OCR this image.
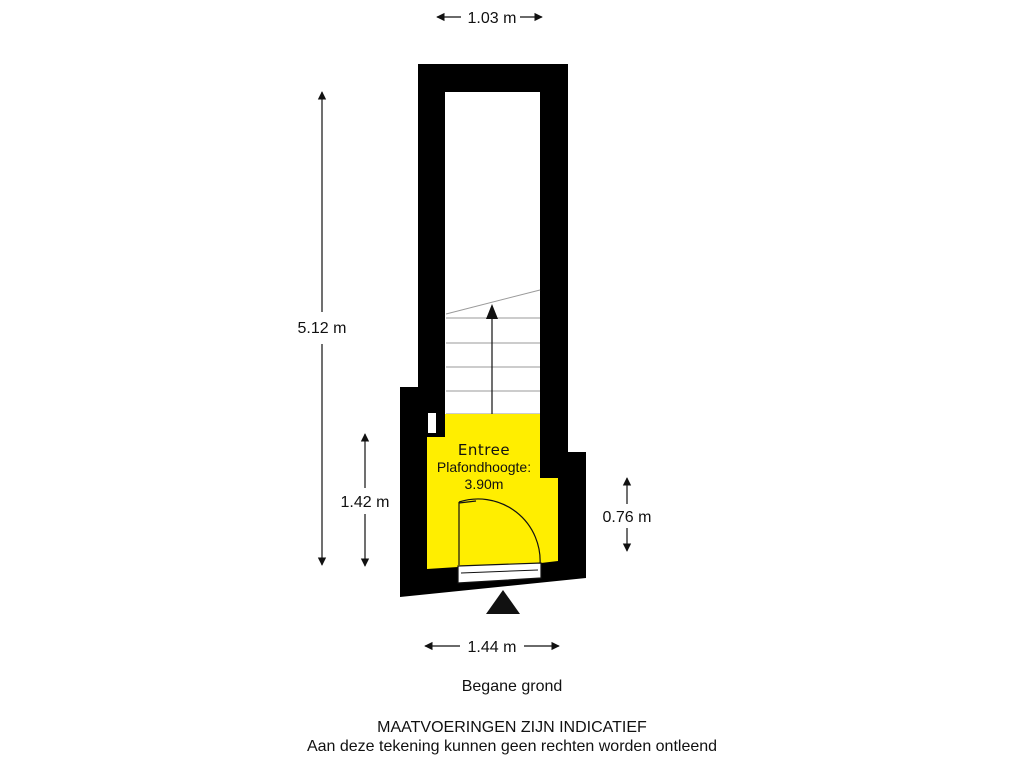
Entree
Plafondhoogte:
3.90m
1.03 m
5.12 m
1.42 m
0.76 m
1.44 m
Begane grond
MAATVOERINGEN ZIJN INDICATIEF
Aan deze tekening kunnen geen rechten worden ontleend
